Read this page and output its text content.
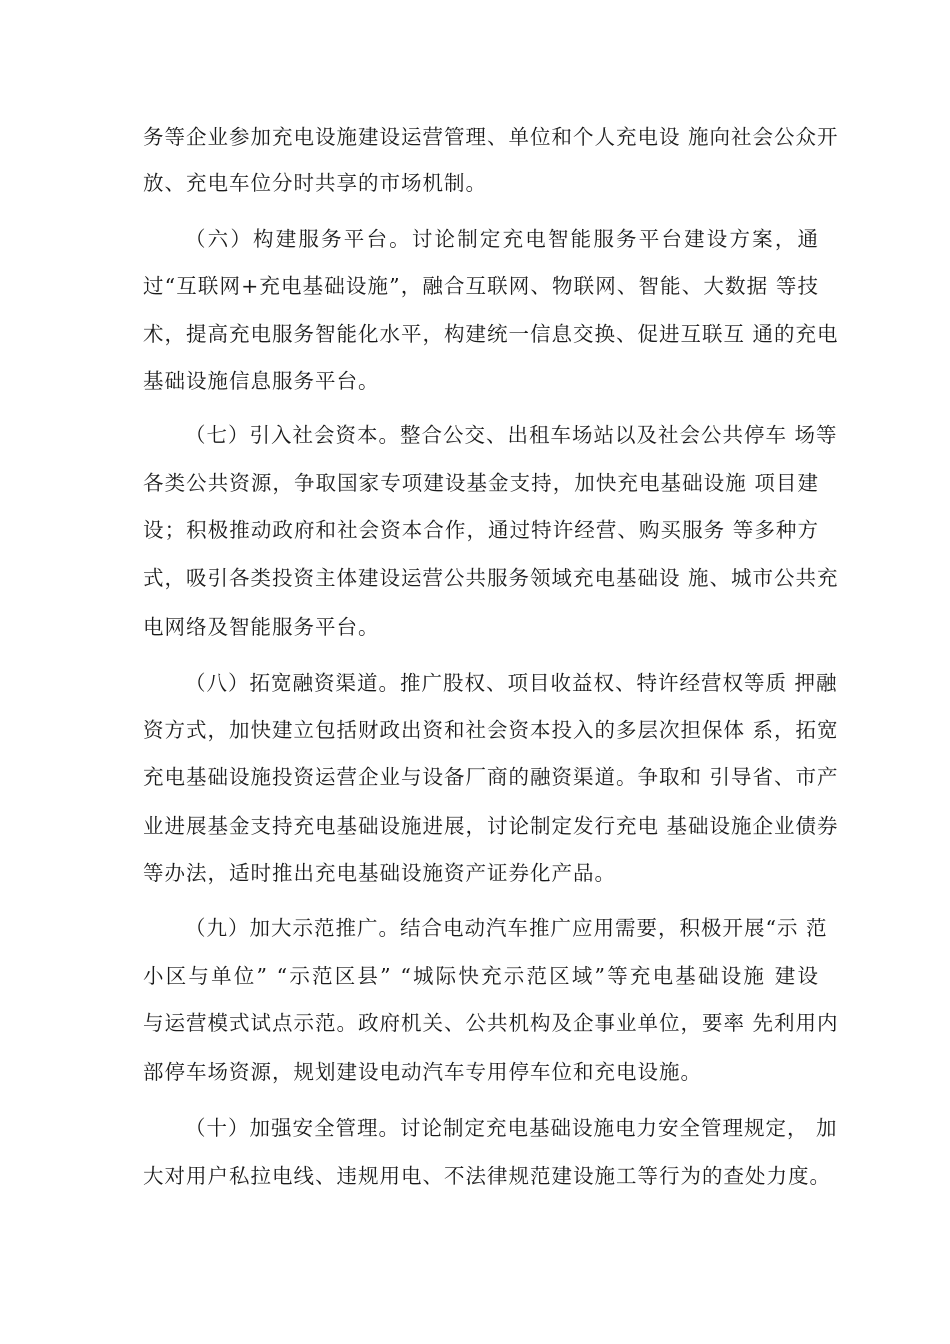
务等企业参加充电设施建设运营管理、单位和个人充电设 施向社会公众开
放、充电车位分时共享的市场机制。
（六）构建服务平台。讨论制定充电智能服务平台建设方案，通
过“互联网+充电基础设施”，融合互联网、物联网、智能、大数据 等技
术，提高充电服务智能化水平，构建统一信息交换、促进互联互 通的充电
基础设施信息服务平台。
（七）引入社会资本。整合公交、出租车场站以及社会公共停车 场等
各类公共资源，争取国家专项建设基金支持，加快充电基础设施 项目建
设；积极推动政府和社会资本合作，通过特许经营、购买服务 等多种方
式，吸引各类投资主体建设运营公共服务领域充电基础设 施、城市公共充
电网络及智能服务平台。
（八）拓宽融资渠道。推广股权、项目收益权、特许经营权等质 押融
资方式，加快建立包括财政出资和社会资本投入的多层次担保体 系，拓宽
充电基础设施投资运营企业与设备厂商的融资渠道。争取和 引导省、市产
业进展基金支持充电基础设施进展，讨论制定发行充电 基础设施企业债券
等办法，适时推出充电基础设施资产证券化产品。
（九）加大示范推广。结合电动汽车推广应用需要，积极开展“示 范
小区与单位” “示范区县” “城际快充示范区域”等充电基础设施 建设
与运营模式试点示范。政府机关、公共机构及企事业单位，要率 先利用内
部停车场资源，规划建设电动汽车专用停车位和充电设施。
（十）加强安全管理。讨论制定充电基础设施电力安全管理规定， 加
大对用户私拉电线、违规用电、不法律规范建设施工等行为的查处力度。
